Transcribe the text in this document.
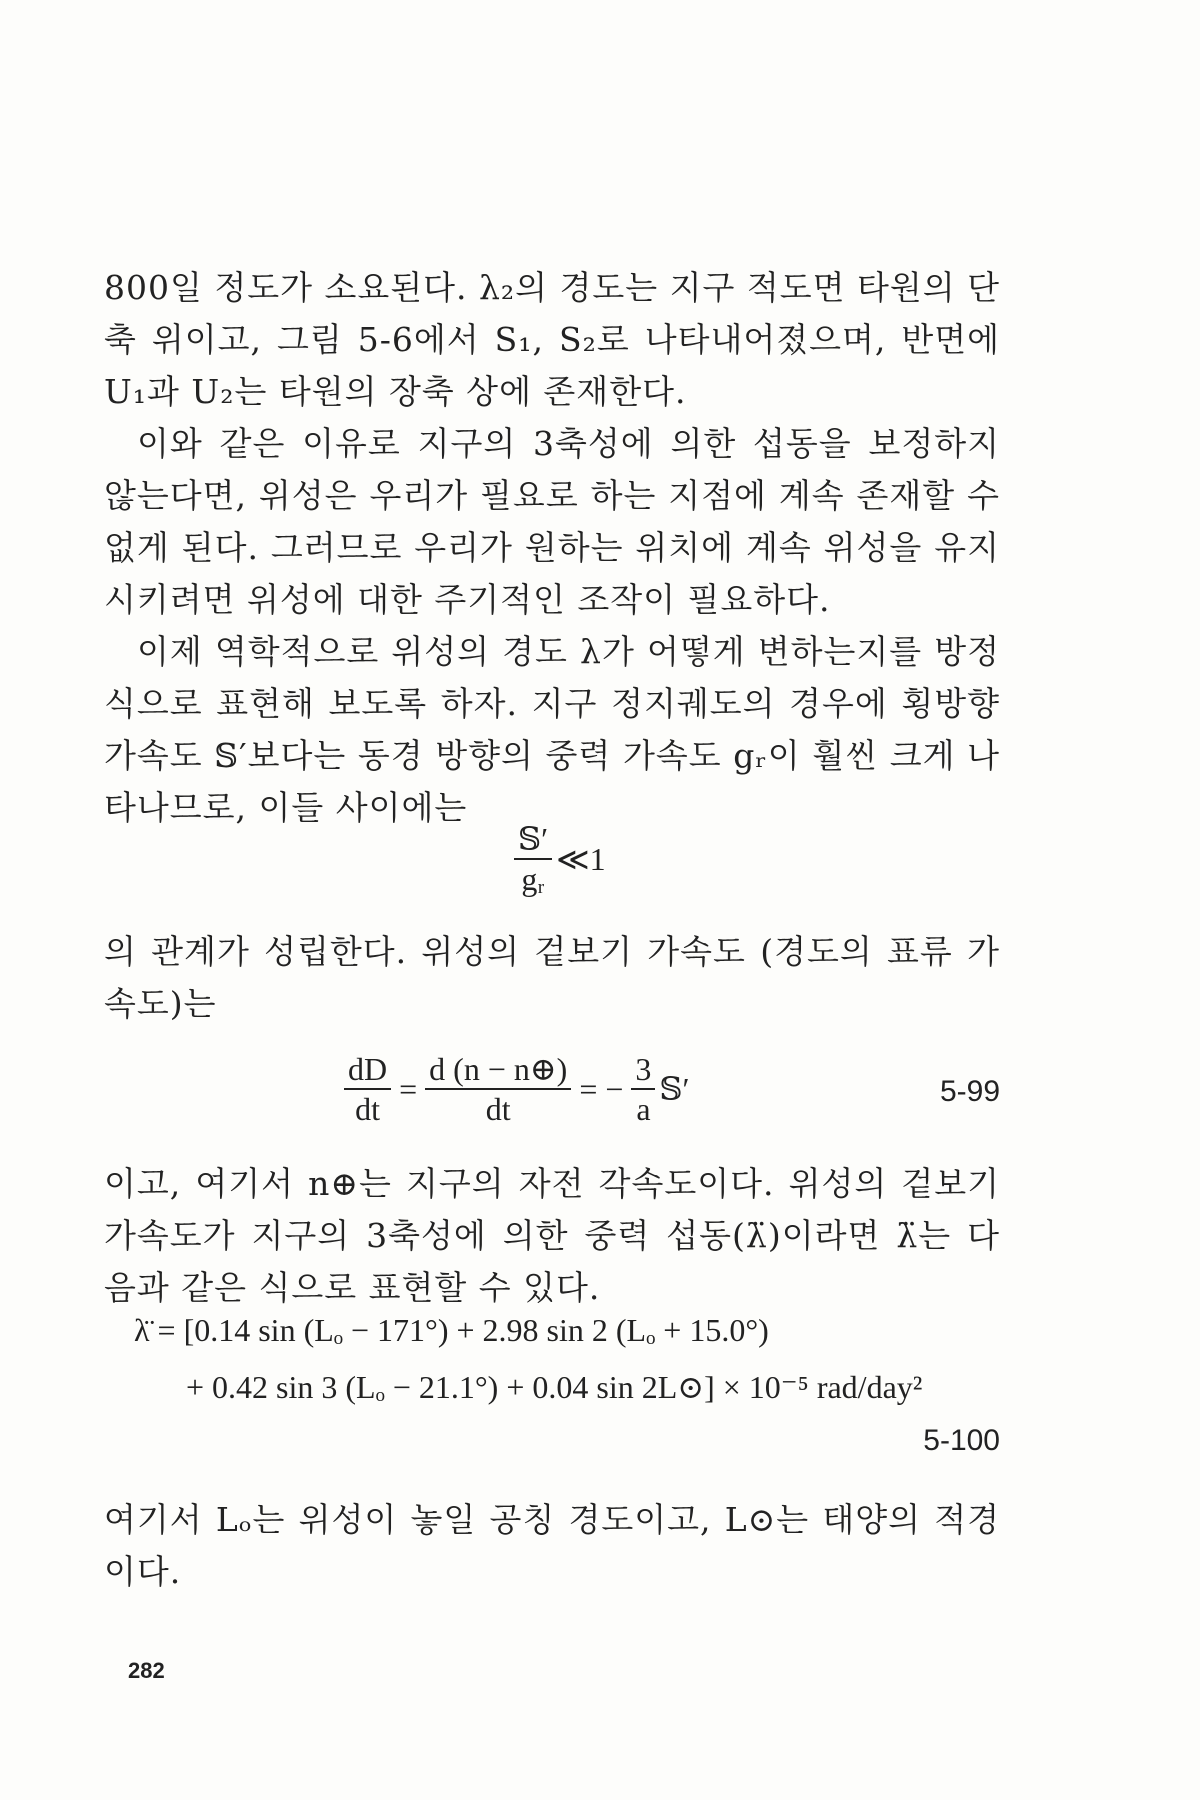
800일 정도가 소요된다. λ₂의 경도는 지구 적도면 타원의 단축 위이고, 그림 5-6에서 S₁, S₂로 나타내어졌으며, 반면에 U₁과 U₂는 타원의 장축 상에 존재한다.

이와 같은 이유로 지구의 3축성에 의한 섭동을 보정하지 않는다면, 위성은 우리가 필요로 하는 지점에 계속 존재할 수 없게 된다. 그러므로 우리가 원하는 위치에 계속 위성을 유지시키려면 위성에 대한 주기적인 조작이 필요하다.

이제 역학적으로 위성의 경도 λ가 어떻게 변하는지를 방정식으로 표현해 보도록 하자. 지구 정지궤도의 경우에 횡방향 가속도 𝕊′보다는 동경 방향의 중력 가속도 gᵣ이 훨씬 크게 나타나므로, 이들 사이에는

$\frac{\text{𝕊′}}{\text{gᵣ}}$ ≪1

의 관계가 성립한다. 위성의 겉보기 가속도 (경도의 표류 가속도)는

$\frac{dD}{dt} = \frac{d (n - n\oplus)}{dt}$ = − $\frac{3}{a}$ 𝕊′	5-99

이고, 여기서 n⊕는 지구의 자전 각속도이다. 위성의 겉보기 가속도가 지구의 3축성에 의한 중력 섭동(λ̈)이라면 λ̈는 다음과 같은 식으로 표현할 수 있다.

λ̈ = [0.14 sin (Lₒ − 171°) + 2.98 sin 2 (Lₒ + 15.0°)
+ 0.42 sin 3 (Lₒ − 21.1°) + 0.04 sin 2L⊙] × 10⁻⁵ rad/day²
5-100

여기서 Lₒ는 위성이 놓일 공칭 경도이고, L⊙는 태양의 적경이다.

282
